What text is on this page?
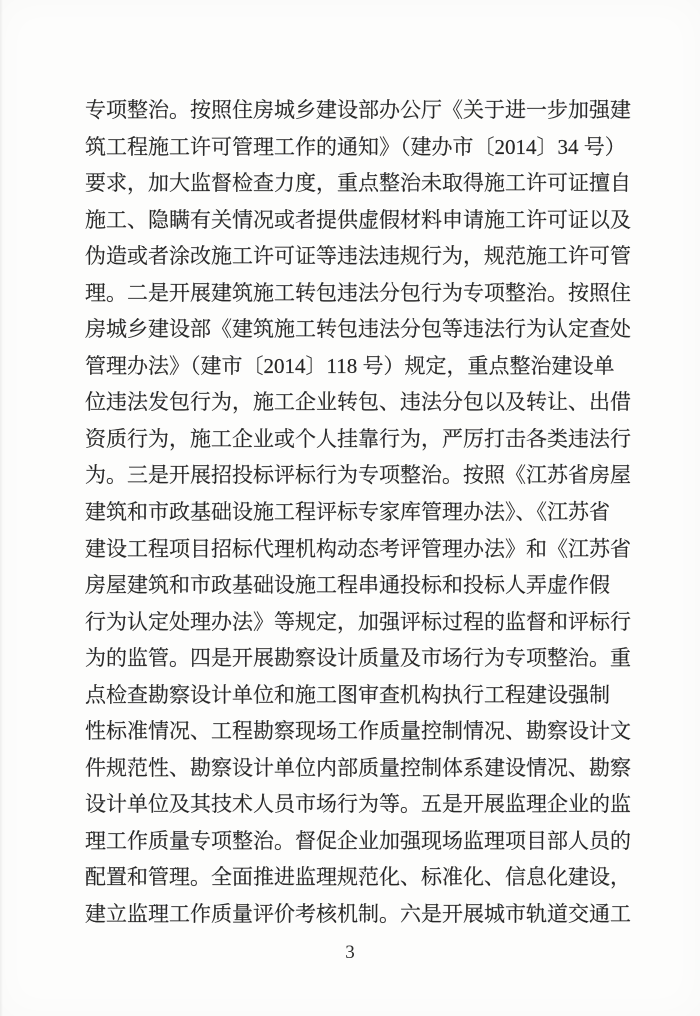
专项整治。按照住房城乡建设部办公厅《关于进一步加强建
筑工程施工许可管理工作的通知》（建办市〔2014〕34 号）
要求，加大监督检查力度，重点整治未取得施工许可证擅自
施工、隐瞒有关情况或者提供虚假材料申请施工许可证以及
伪造或者涂改施工许可证等违法违规行为，规范施工许可管
理。二是开展建筑施工转包违法分包行为专项整治。按照住
房城乡建设部《建筑施工转包违法分包等违法行为认定查处
管理办法》（建市〔2014〕118 号）规定，重点整治建设单
位违法发包行为，施工企业转包、违法分包以及转让、出借
资质行为，施工企业或个人挂靠行为，严厉打击各类违法行
为。三是开展招投标评标行为专项整治。按照《江苏省房屋
建筑和市政基础设施工程评标专家库管理办法》、《江苏省
建设工程项目招标代理机构动态考评管理办法》和《江苏省
房屋建筑和市政基础设施工程串通投标和投标人弄虚作假
行为认定处理办法》等规定，加强评标过程的监督和评标行
为的监管。四是开展勘察设计质量及市场行为专项整治。重
点检查勘察设计单位和施工图审查机构执行工程建设强制
性标准情况、工程勘察现场工作质量控制情况、勘察设计文
件规范性、勘察设计单位内部质量控制体系建设情况、勘察
设计单位及其技术人员市场行为等。五是开展监理企业的监
理工作质量专项整治。督促企业加强现场监理项目部人员的
配置和管理。全面推进监理规范化、标准化、信息化建设，
建立监理工作质量评价考核机制。六是开展城市轨道交通工
3
